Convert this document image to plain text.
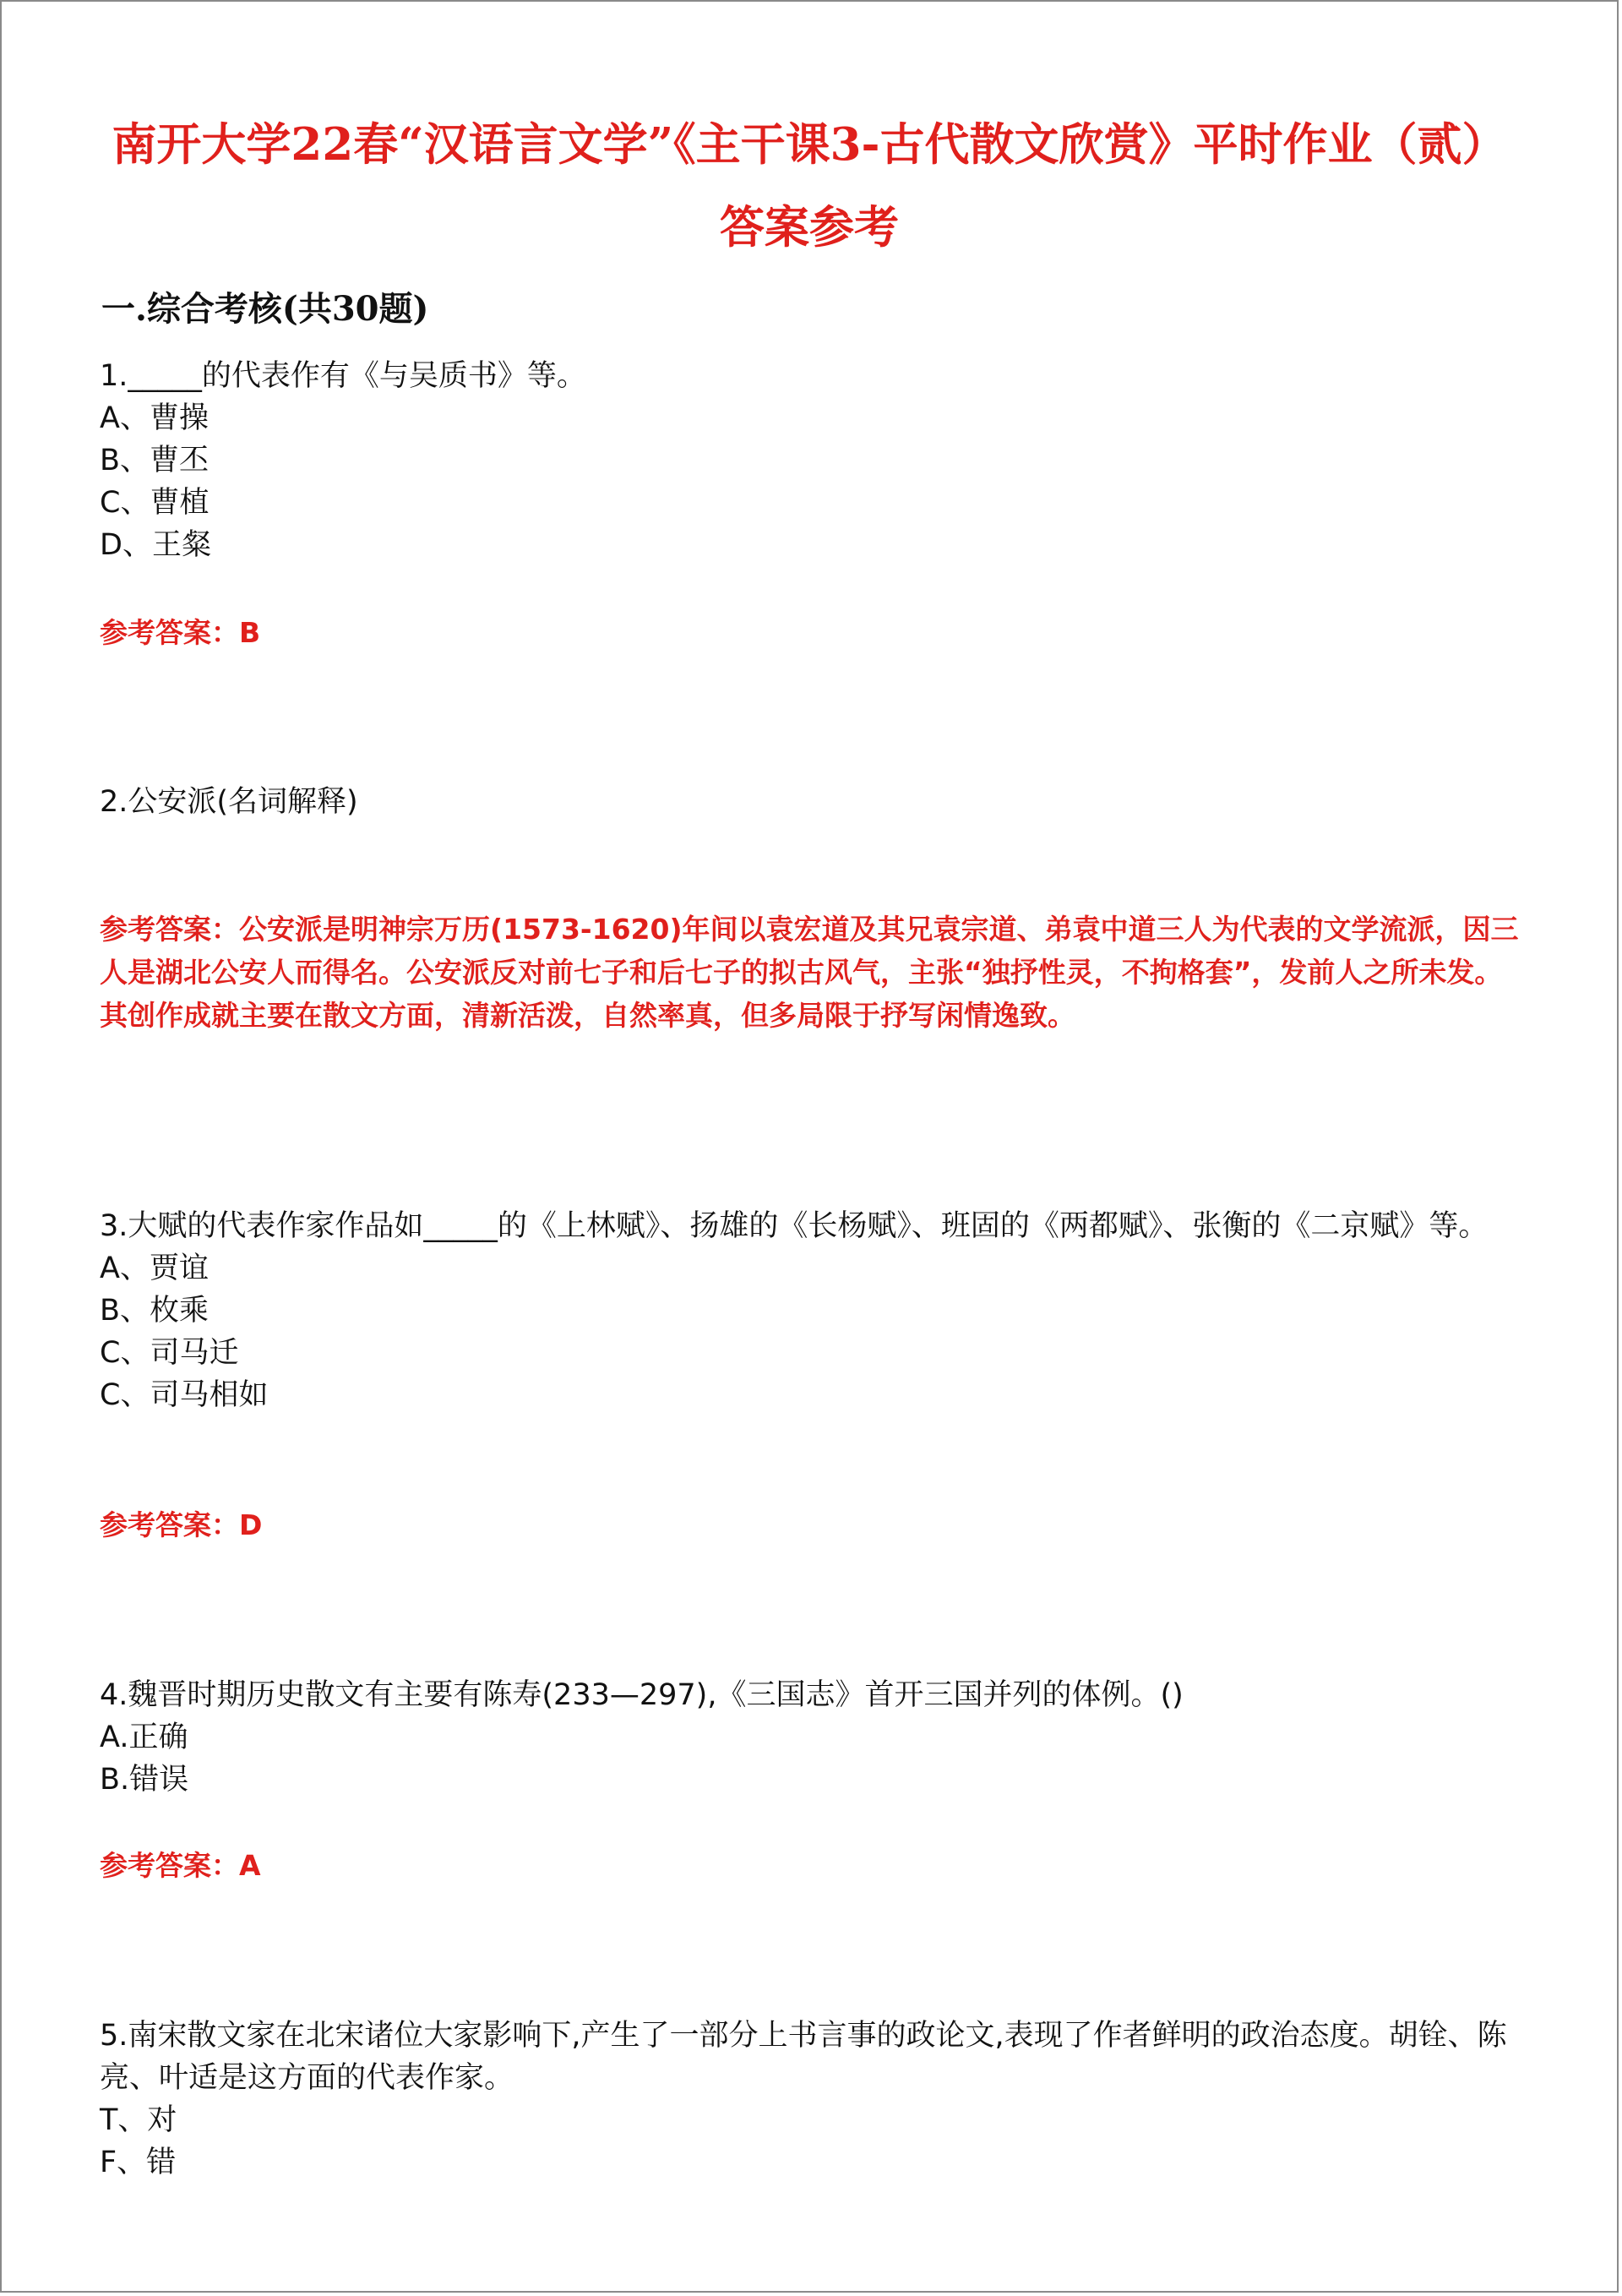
南开大学22春“汉语言文学”《主干课3-古代散文欣赏》平时作业（贰）
答案参考
一.综合考核(共30题)
1._____的代表作有《与吴质书》等。
A、曹操
B、曹丕
C、曹植
D、王粲
参考答案：B
2.公安派(名词解释)
参考答案：公安派是明神宗万历(1573-1620)年间以袁宏道及其兄袁宗道、弟袁中道三人为代表的文学流派，因三人是湖北公安人而得名。公安派反对前七子和后七子的拟古风气，主张“独抒性灵，不拘格套”，发前人之所未发。其创作成就主要在散文方面，清新活泼，自然率真，但多局限于抒写闲情逸致。
3.大赋的代表作家作品如_____的《上林赋》、扬雄的《长杨赋》、班固的《两都赋》、张衡的《二京赋》等。
A、贾谊
B、枚乘
C、司马迁
C、司马相如
参考答案：D
4.魏晋时期历史散文有主要有陈寿(233—297),《三国志》首开三国并列的体例。()
A.正确
B.错误
参考答案：A
5.南宋散文家在北宋诸位大家影响下,产生了一部分上书言事的政论文,表现了作者鲜明的政治态度。胡铨、陈亮、叶适是这方面的代表作家。
T、对
F、错
